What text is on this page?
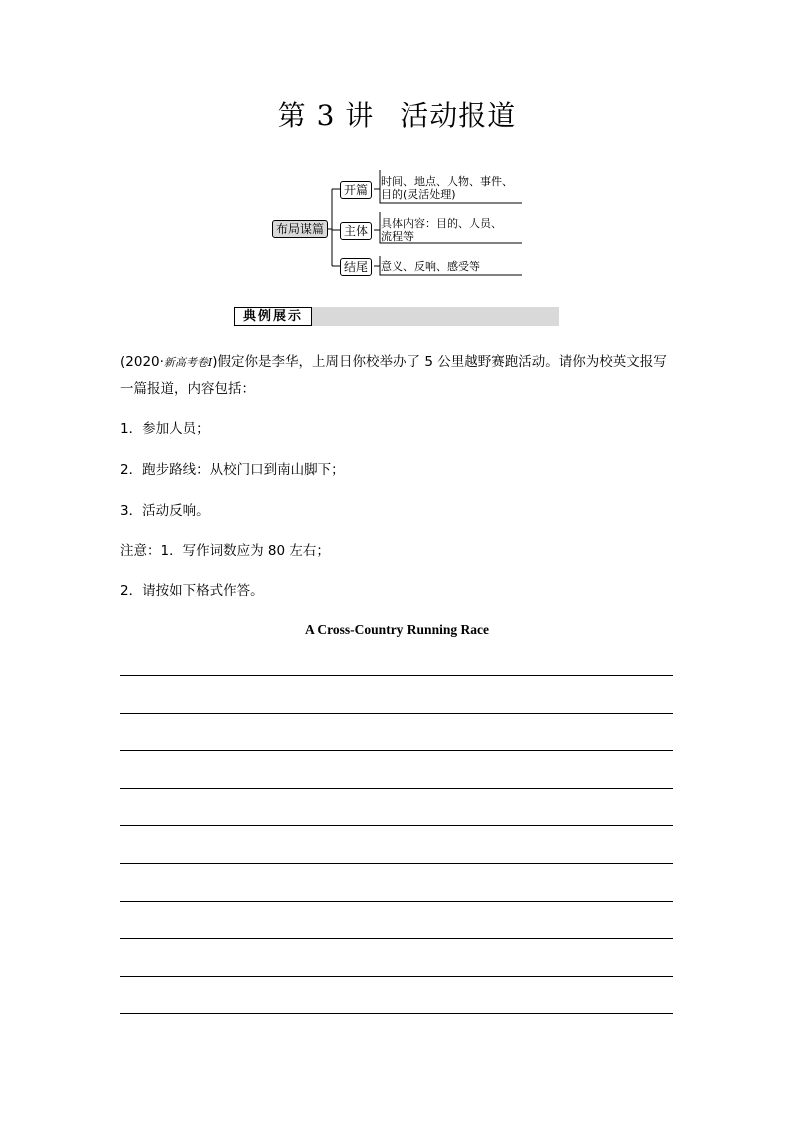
第 3 讲 活动报道
布局谋篇
开篇
主体
结尾
时间、地点、人物、事件、
目的(灵活处理)
具体内容：目的、人员、
流程等
意义、反响、感受等
典例展示
(2020·新高考卷Ⅰ)假定你是李华，上周日你校举办了 5 公里越野赛跑活动。请你为校英文报写一篇报道，内容包括：
1．参加人员；
2．跑步路线：从校门口到南山脚下；
3．活动反响。
注意：1．写作词数应为 80 左右；
2．请按如下格式作答。
A Cross-Country Running Race
